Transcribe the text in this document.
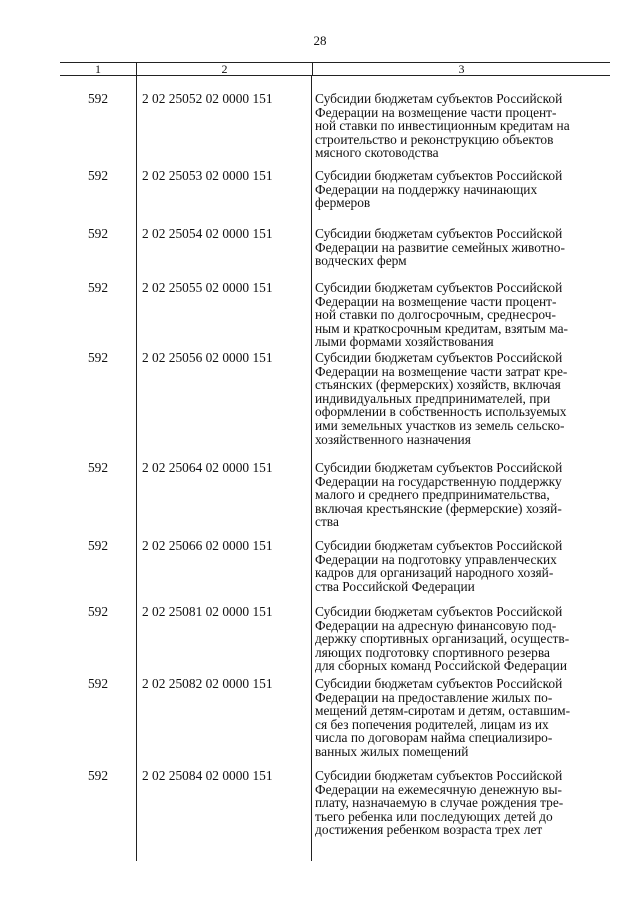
28
1	2	3
592	2 02 25052 02 0000 151	Субсидии бюджетам субъектов Российской
Федерации на возмещение части процент-
ной ставки по инвестиционным кредитам на
строительство и реконструкцию объектов
мясного скотоводства
592	2 02 25053 02 0000 151	Субсидии бюджетам субъектов Российской
Федерации на поддержку начинающих
фермеров
592	2 02 25054 02 0000 151	Субсидии бюджетам субъектов Российской
Федерации на развитие семейных животно-
водческих ферм
592	2 02 25055 02 0000 151	Субсидии бюджетам субъектов Российской
Федерации на возмещение части процент-
ной ставки по долгосрочным, среднесроч-
ным и краткосрочным кредитам, взятым ма-
лыми формами хозяйствования
592	2 02 25056 02 0000 151	Субсидии бюджетам субъектов Российской
Федерации на возмещение части затрат кре-
стьянских (фермерских) хозяйств, включая
индивидуальных предпринимателей, при
оформлении в собственность используемых
ими земельных участков из земель сельско-
хозяйственного назначения
592	2 02 25064 02 0000 151	Субсидии бюджетам субъектов Российской
Федерации на государственную поддержку
малого и среднего предпринимательства,
включая крестьянские (фермерские) хозяй-
ства
592	2 02 25066 02 0000 151	Субсидии бюджетам субъектов Российской
Федерации на подготовку управленческих
кадров для организаций народного хозяй-
ства Российской Федерации
592	2 02 25081 02 0000 151	Субсидии бюджетам субъектов Российской
Федерации на адресную финансовую под-
держку спортивных организаций, осуществ-
ляющих подготовку спортивного резерва
для сборных команд Российской Федерации
592	2 02 25082 02 0000 151	Субсидии бюджетам субъектов Российской
Федерации на предоставление жилых по-
мещений детям-сиротам и детям, оставшим-
ся без попечения родителей, лицам из их
числа по договорам найма специализиро-
ванных жилых помещений
592	2 02 25084 02 0000 151	Субсидии бюджетам субъектов Российской
Федерации на ежемесячную денежную вы-
плату, назначаемую в случае рождения тре-
тьего ребенка или последующих детей до
достижения ребенком возраста трех лет
